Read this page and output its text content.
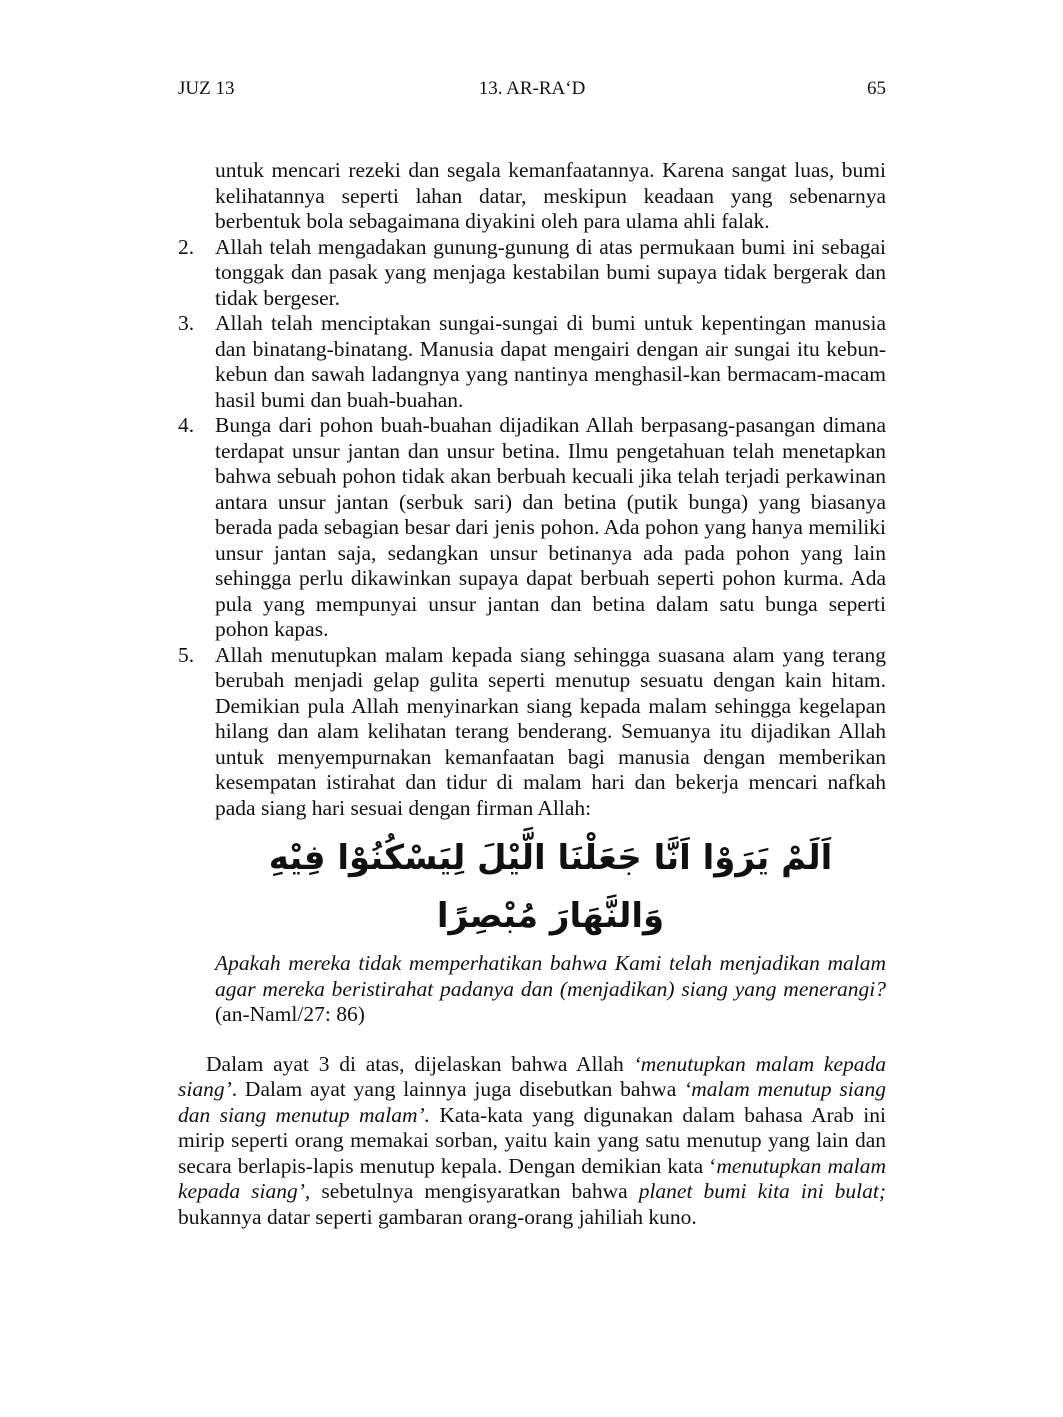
JUZ 13	13. AR-RA‘D	65

untuk mencari rezeki dan segala kemanfaatannya. Karena sangat luas, bumi kelihatannya seperti lahan datar, meskipun keadaan yang sebenarnya berbentuk bola sebagaimana diyakini oleh para ulama ahli falak.

2. Allah telah mengadakan gunung-gunung di atas permukaan bumi ini sebagai tonggak dan pasak yang menjaga kestabilan bumi supaya tidak bergerak dan tidak bergeser.
3. Allah telah menciptakan sungai-sungai di bumi untuk kepentingan manusia dan binatang-binatang. Manusia dapat mengairi dengan air sungai itu kebun-kebun dan sawah ladangnya yang nantinya menghasil-kan bermacam-macam hasil bumi dan buah-buahan.
4. Bunga dari pohon buah-buahan dijadikan Allah berpasang-pasangan dimana terdapat unsur jantan dan unsur betina. Ilmu pengetahuan telah menetapkan bahwa sebuah pohon tidak akan berbuah kecuali jika telah terjadi perkawinan antara unsur jantan (serbuk sari) dan betina (putik bunga) yang biasanya berada pada sebagian besar dari jenis pohon. Ada pohon yang hanya memiliki unsur jantan saja, sedangkan unsur betinanya ada pada pohon yang lain sehingga perlu dikawinkan supaya dapat berbuah seperti pohon kurma. Ada pula yang mempunyai unsur jantan dan betina dalam satu bunga seperti pohon kapas.
5. Allah menutupkan malam kepada siang sehingga suasana alam yang terang berubah menjadi gelap gulita seperti menutup sesuatu dengan kain hitam. Demikian pula Allah menyinarkan siang kepada malam sehingga kegelapan hilang dan alam kelihatan terang benderang. Semuanya itu dijadikan Allah untuk menyempurnakan kemanfaatan bagi manusia dengan memberikan kesempatan istirahat dan tidur di malam hari dan bekerja mencari nafkah pada siang hari sesuai dengan firman Allah:
اَلَمْ يَرَوْا اَنَّا جَعَلْنَا الَّيْلَ لِيَسْكُنُوْا فِيْهِ وَالنَّهَارَ مُبْصِرًا

Apakah mereka tidak memperhatikan bahwa Kami telah menjadikan malam agar mereka beristirahat padanya dan (menjadikan) siang yang menerangi? (an-Naml/27: 86)

Dalam ayat 3 di atas, dijelaskan bahwa Allah ‘menutupkan malam kepada siang’. Dalam ayat yang lainnya juga disebutkan bahwa ‘malam menutup siang dan siang menutup malam’. Kata-kata yang digunakan dalam bahasa Arab ini mirip seperti orang memakai sorban, yaitu kain yang satu menutup yang lain dan secara berlapis-lapis menutup kepala. Dengan demikian kata ‘menutupkan malam kepada siang’, sebetulnya mengisyaratkan bahwa planet bumi kita ini bulat; bukannya datar seperti gambaran orang-orang jahiliah kuno.
